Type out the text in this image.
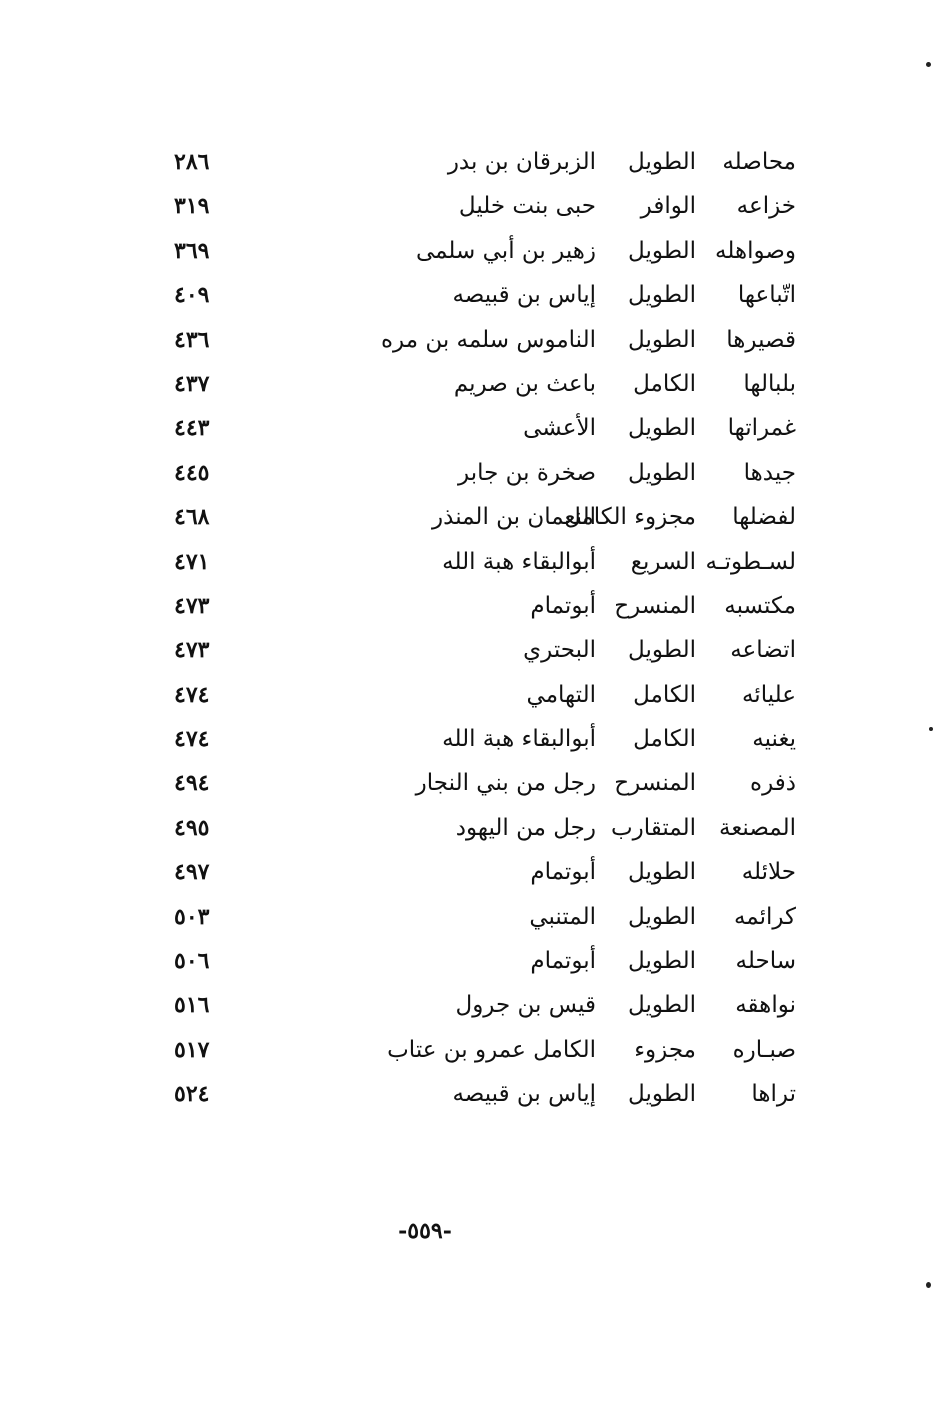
محاصله
الطويل
الزبرقان بن بدر
٢٨٦
خزاعه
الوافر
حبى بنت خليل
٣١٩
وصواهله
الطويل
زهير بن أبي سلمى
٣٦٩
اتّباعها
الطويل
إياس بن قبيصه
٤٠٩
قصيرها
الطويل
الناموس سلمه بن مره
٤٣٦
بلبالها
الكامل
باعث بن صريم
٤٣٧
غمراتها
الطويل
الأعشى
٤٤٣
جيدها
الطويل
صخرة بن جابر
٤٤٥
لفضلها
مجزوء الكامل
النعمان بن المنذر
٤٦٨
لسـطوتـه
السريع
أبوالبقاء هبة الله
٤٧١
مكتسبه
المنسرح
أبوتمام
٤٧٣
اتضاعه
الطويل
البحتري
٤٧٣
عليائه
الكامل
التهامي
٤٧٤
يغنيه
الكامل
أبوالبقاء هبة الله
٤٧٤
ذفره
المنسرح
رجل من بني النجار
٤٩٤
المصنعة
المتقارب
رجل من اليهود
٤٩٥
حلائله
الطويل
أبوتمام
٤٩٧
كرائمه
الطويل
المتنبي
٥٠٣
ساحله
الطويل
أبوتمام
٥٠٦
نواهقه
الطويل
قيس بن جرول
٥١٦
صبـاره
مجزوء
الكامل عمرو بن عتاب
٥١٧
تراها
الطويل
إياس بن قبيصه
٥٢٤
-٥٥٩-
